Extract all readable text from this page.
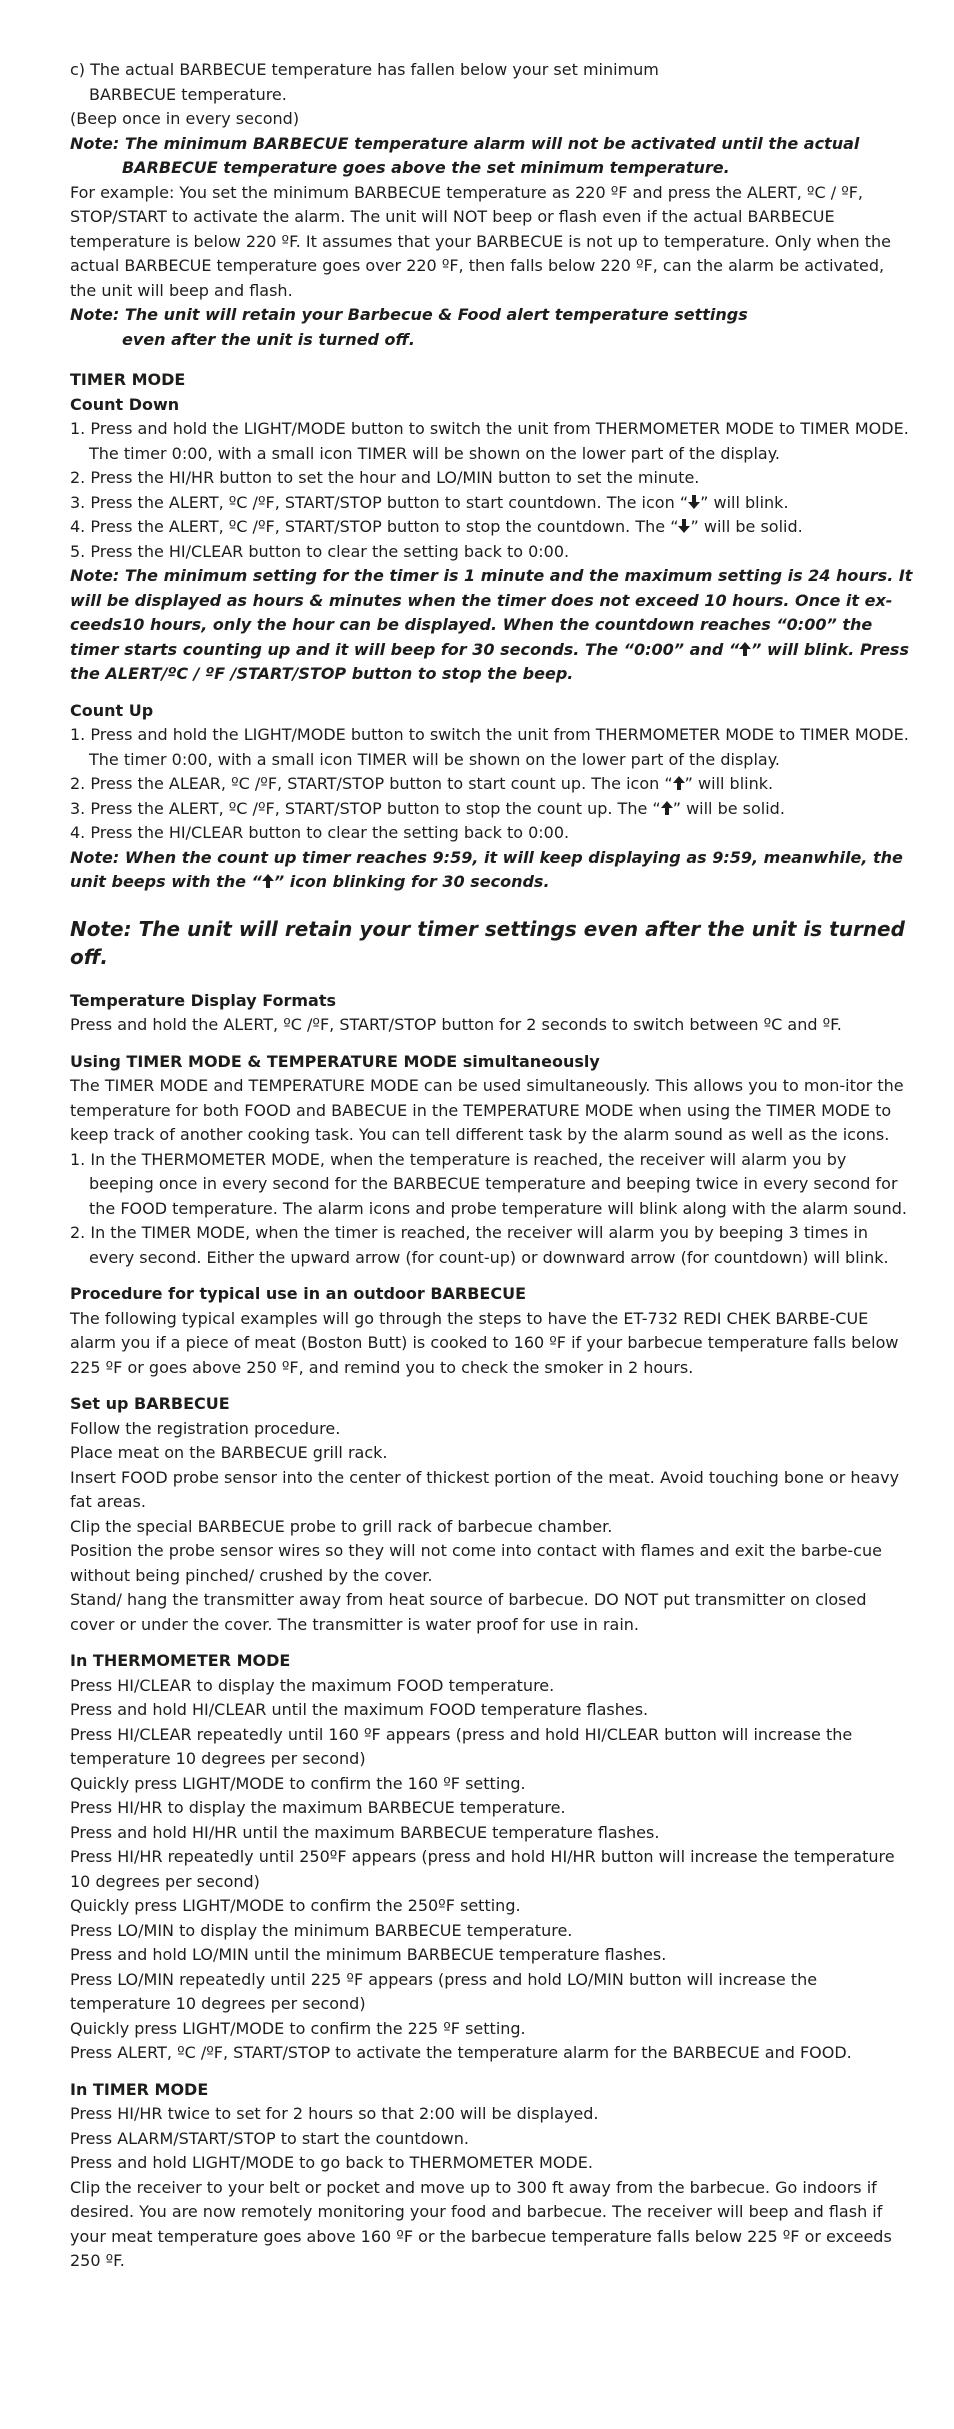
c) The actual BARBECUE temperature has fallen below your set minimum

BARBECUE temperature.

(Beep once in every second)

Note: The minimum BARBECUE temperature alarm will not be activated until the actual

BARBECUE temperature goes above the set minimum temperature.

For example: You set the minimum BARBECUE temperature as 220 ºF and press the ALERT, ºC / ºF, STOP/START to activate the alarm. The unit will NOT beep or flash even if the actual BARBECUE temperature is below 220 ºF. It assumes that your BARBECUE is not up to temperature. Only when the actual BARBECUE temperature goes over 220 ºF, then falls below 220 ºF, can the alarm be activated, the unit will beep and flash.

Note: The unit will retain your Barbecue & Food alert temperature settings

even after the unit is turned off.

TIMER MODE

Count Down

1. Press and hold the LIGHT/MODE button to switch the unit from THERMOMETER MODE to TIMER MODE. The timer 0:00, with a small icon TIMER will be shown on the lower part of the display.
2. Press the HI/HR button to set the hour and LO/MIN button to set the minute.
3. Press the ALERT, ºC /ºF, START/STOP button to start countdown. The icon “ ” will blink.
4. Press the ALERT, ºC /ºF, START/STOP button to stop the countdown. The “ ” will be solid.
5. Press the HI/CLEAR button to clear the setting back to 0:00.

Note: The minimum setting for the timer is 1 minute and the maximum setting is 24 hours. It will be displayed as hours & minutes when the timer does not exceed 10 hours. Once it ex-ceeds10 hours, only the hour can be displayed. When the countdown reaches “0:00” the timer starts counting up and it will beep for 30 seconds. The “0:00” and “ ” will blink. Press the ALERT/ºC / ºF /START/STOP button to stop the beep.

Count Up

1. Press and hold the LIGHT/MODE button to switch the unit from THERMOMETER MODE to TIMER MODE. The timer 0:00, with a small icon TIMER will be shown on the lower part of the display.
2. Press the ALEAR, ºC /ºF, START/STOP button to start count up. The icon “ ” will blink.
3. Press the ALERT, ºC /ºF, START/STOP button to stop the count up. The “ ” will be solid.
4. Press the HI/CLEAR button to clear the setting back to 0:00.

Note: When the count up timer reaches 9:59, it will keep displaying as 9:59, meanwhile, the unit beeps with the “ ” icon blinking for 30 seconds.

Note: The unit will retain your timer settings even after the unit is turned off.

Temperature Display Formats

Press and hold the ALERT, ºC /ºF, START/STOP button for 2 seconds to switch between ºC and ºF.

Using TIMER MODE & TEMPERATURE MODE simultaneously

The TIMER MODE and TEMPERATURE MODE can be used simultaneously. This allows you to mon-itor the temperature for both FOOD and BABECUE in the TEMPERATURE MODE when using the TIMER MODE to keep track of another cooking task. You can tell different task by the alarm sound as well as the icons.

1. In the THERMOMETER MODE, when the temperature is reached, the receiver will alarm you by beeping once in every second for the BARBECUE temperature and beeping twice in every second for the FOOD temperature. The alarm icons and probe temperature will blink along with the alarm sound.
2. In the TIMER MODE, when the timer is reached, the receiver will alarm you by beeping 3 times in every second. Either the upward arrow (for count-up) or downward arrow (for countdown) will blink.

Procedure for typical use in an outdoor BARBECUE

The following typical examples will go through the steps to have the ET-732 REDI CHEK BARBE-CUE alarm you if a piece of meat (Boston Butt) is cooked to 160 ºF if your barbecue temperature falls below 225 ºF or goes above 250 ºF, and remind you to check the smoker in 2 hours.

Set up BARBECUE

Follow the registration procedure.

Place meat on the BARBECUE grill rack.

Insert FOOD probe sensor into the center of thickest portion of the meat. Avoid touching bone or heavy fat areas.

Clip the special BARBECUE probe to grill rack of barbecue chamber.

Position the probe sensor wires so they will not come into contact with flames and exit the barbe-cue without being pinched/ crushed by the cover.

Stand/ hang the transmitter away from heat source of barbecue. DO NOT put transmitter on closed cover or under the cover. The transmitter is water proof for use in rain.

In THERMOMETER MODE

Press HI/CLEAR to display the maximum FOOD temperature.

Press and hold HI/CLEAR until the maximum FOOD temperature flashes.

Press HI/CLEAR repeatedly until 160 ºF appears (press and hold HI/CLEAR button will increase the temperature 10 degrees per second)

Quickly press LIGHT/MODE to confirm the 160 ºF setting.

Press HI/HR to display the maximum BARBECUE temperature.

Press and hold HI/HR until the maximum BARBECUE temperature flashes.

Press HI/HR repeatedly until 250ºF appears (press and hold HI/HR button will increase the temperature 10 degrees per second)

Quickly press LIGHT/MODE to confirm the 250ºF setting.

Press LO/MIN to display the minimum BARBECUE temperature.

Press and hold LO/MIN until the minimum BARBECUE temperature flashes.

Press LO/MIN repeatedly until 225 ºF appears (press and hold LO/MIN button will increase the temperature 10 degrees per second)

Quickly press LIGHT/MODE to confirm the 225 ºF setting.

Press ALERT, ºC /ºF, START/STOP to activate the temperature alarm for the BARBECUE and FOOD.

In TIMER MODE

Press HI/HR twice to set for 2 hours so that 2:00 will be displayed.

Press ALARM/START/STOP to start the countdown.

Press and hold LIGHT/MODE to go back to THERMOMETER MODE.

Clip the receiver to your belt or pocket and move up to 300 ft away from the barbecue. Go indoors if desired. You are now remotely monitoring your food and barbecue. The receiver will beep and flash if your meat temperature goes above 160 ºF or the barbecue temperature falls below 225 ºF or exceeds 250 ºF.
